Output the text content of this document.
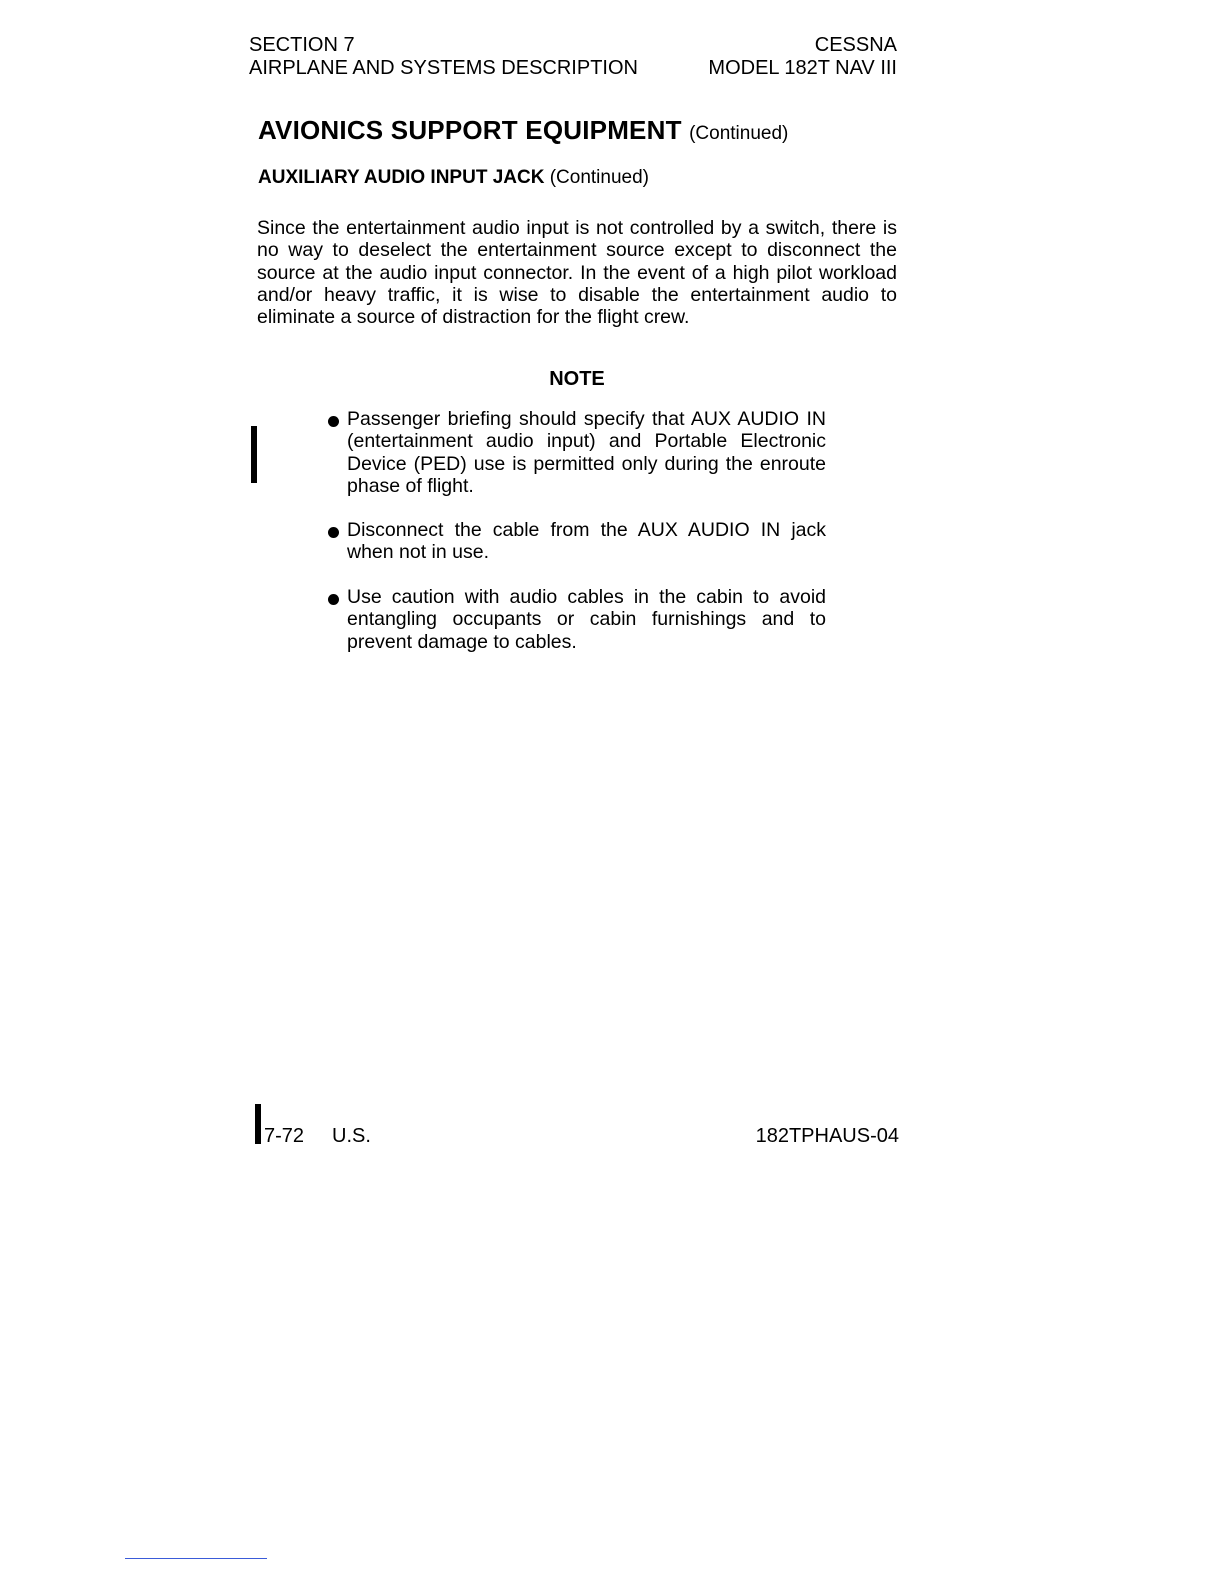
SECTION 7
AIRPLANE AND SYSTEMS DESCRIPTION
CESSNA
MODEL 182T NAV III
AVIONICS SUPPORT EQUIPMENT (Continued)
AUXILIARY AUDIO INPUT JACK (Continued)

Since the entertainment audio input is not controlled by a switch, there is no way to deselect the entertainment source except to disconnect the source at the audio input connector. In the event of a high pilot workload and/or heavy traffic, it is wise to disable the entertainment audio to eliminate a source of distraction for the flight crew.

NOTE
Passenger briefing should specify that AUX AUDIO IN (entertainment audio input) and Portable Electronic Device (PED) use is permitted only during the enroute phase of flight.
Disconnect the cable from the AUX AUDIO IN jack when not in use.
Use caution with audio cables in the cabin to avoid entangling occupants or cabin furnishings and to prevent damage to cables.
7-72 U.S.	182TPHAUS-04
